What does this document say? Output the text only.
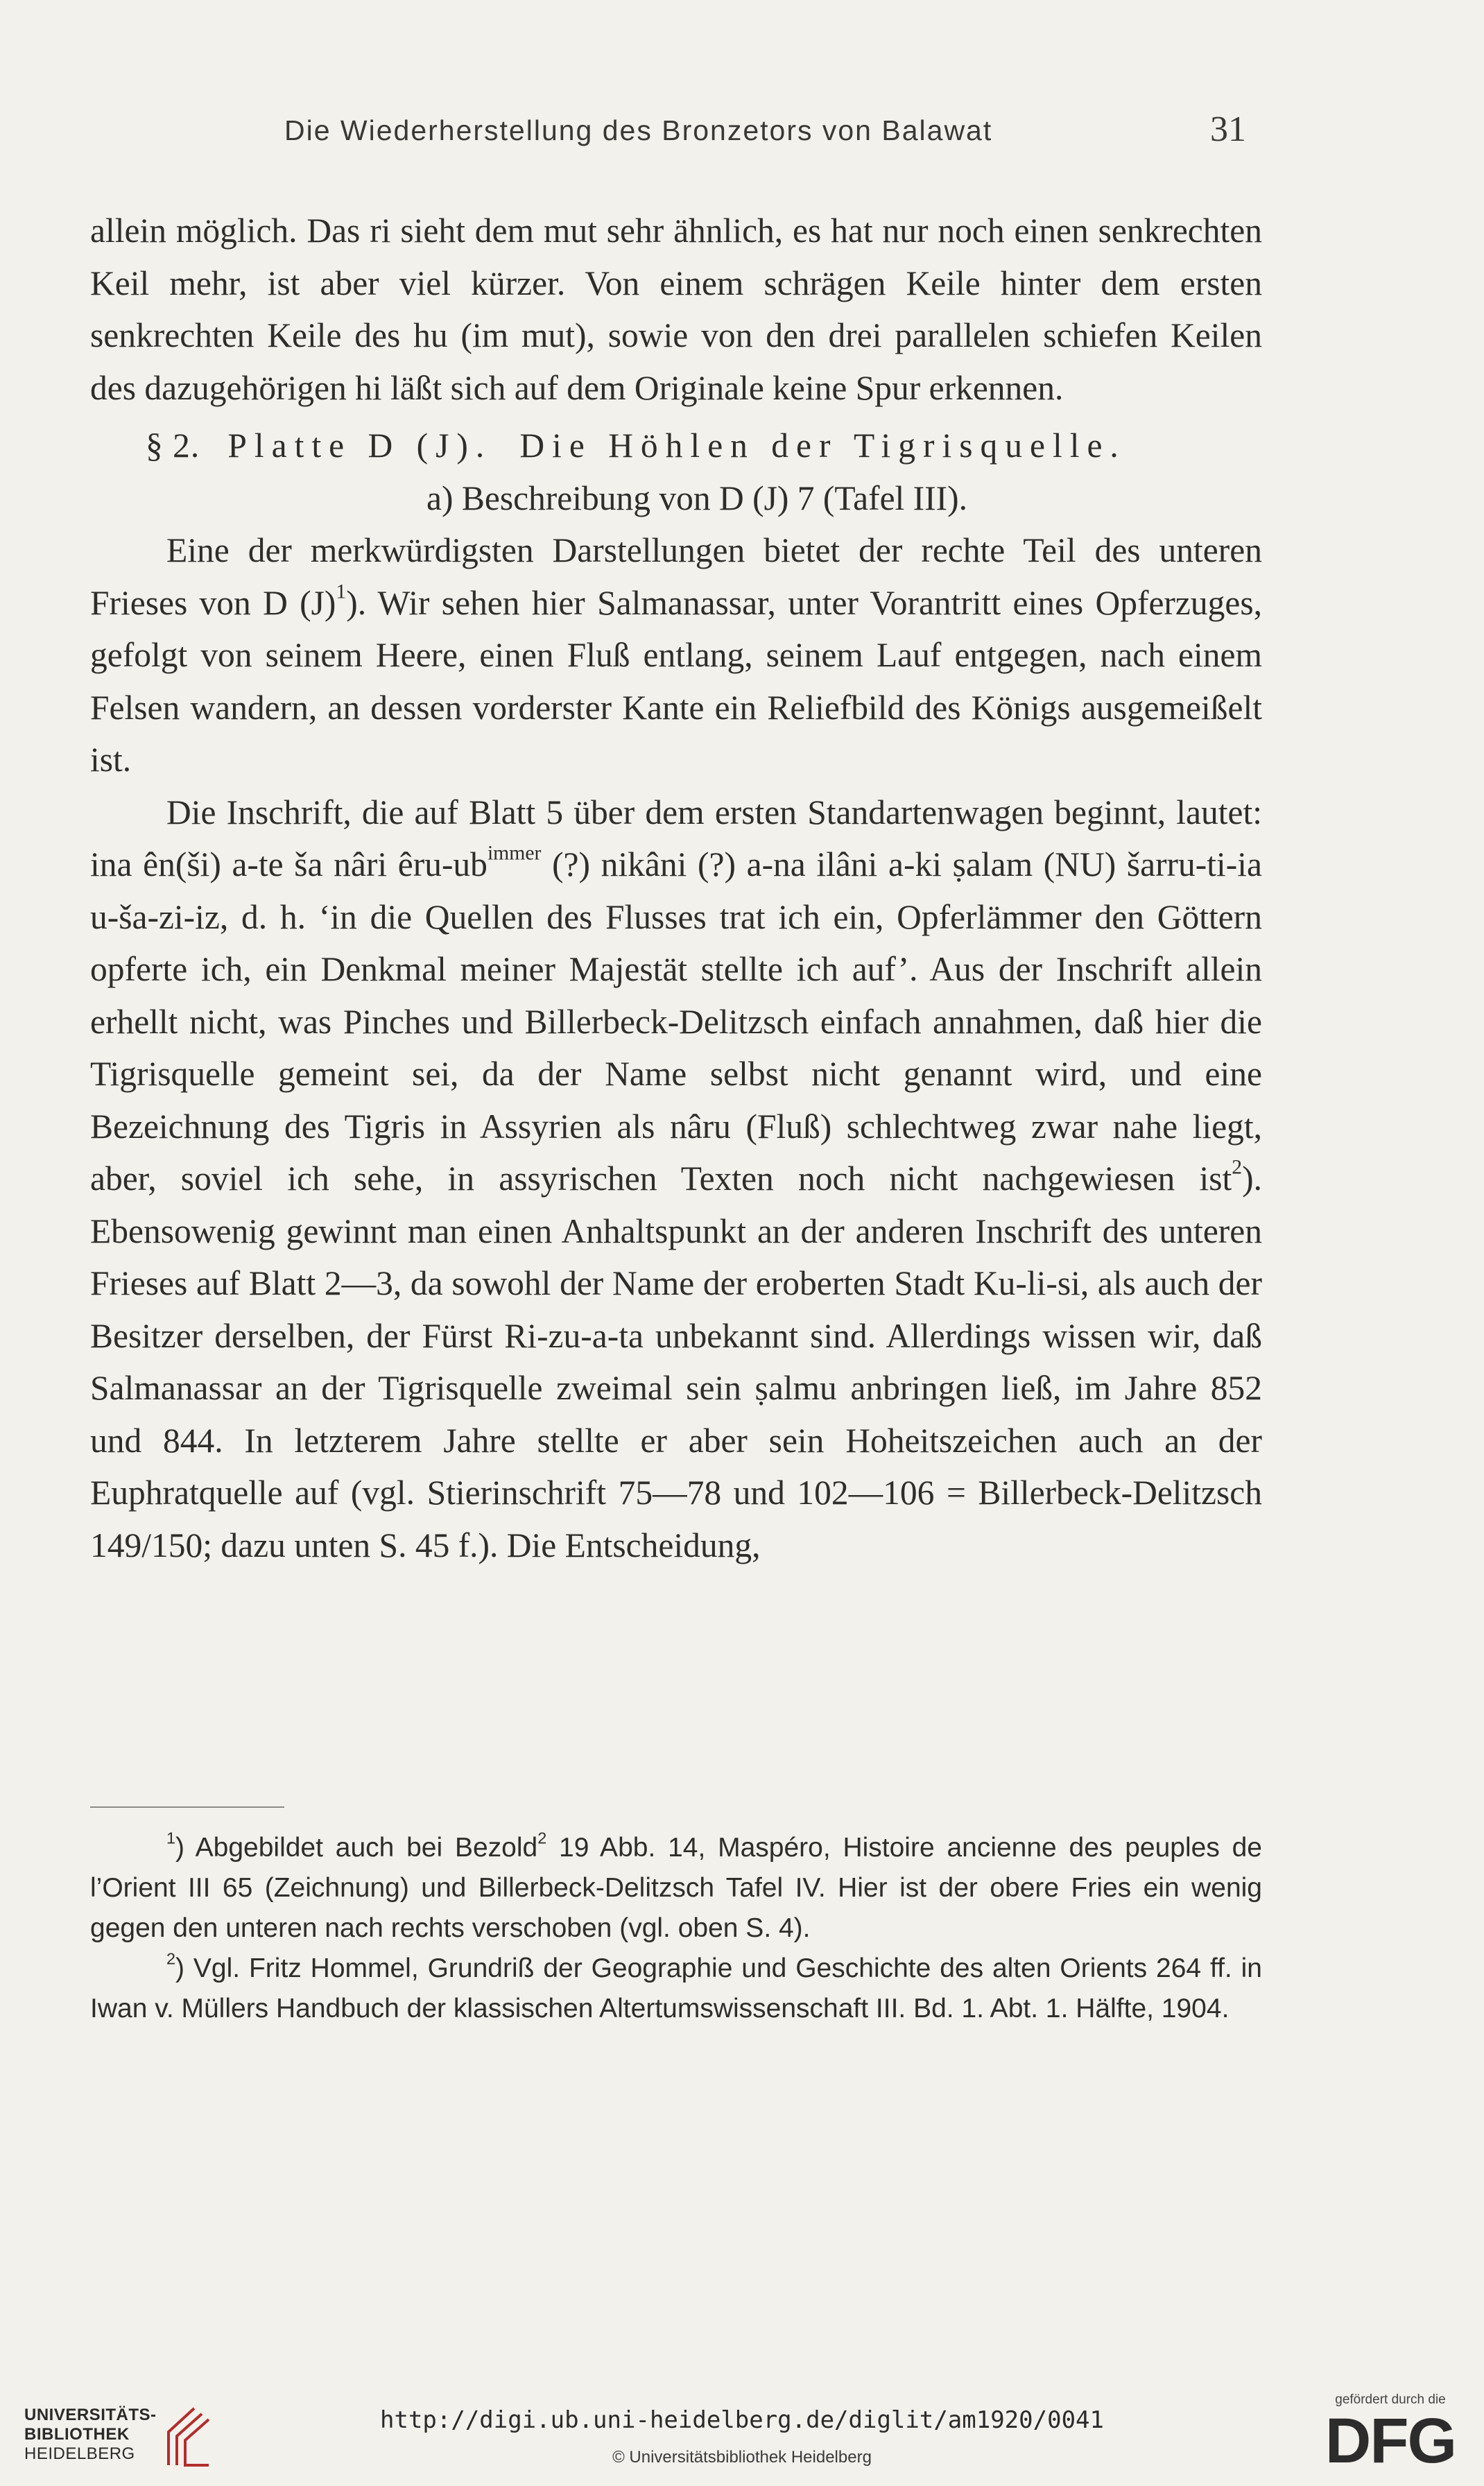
Die Wiederherstellung des Bronzetors von Balawat	31

allein möglich. Das ri sieht dem mut sehr ähnlich, es hat nur noch einen senkrechten Keil mehr, ist aber viel kürzer. Von einem schrägen Keile hinter dem ersten senkrechten Keile des hu (im mut), sowie von den drei parallelen schiefen Keilen des dazugehörigen hi läßt sich auf dem Originale keine Spur erkennen.

§ 2. Platte D (J). Die Höhlen der Tigrisquelle.

a) Beschreibung von D (J) 7 (Tafel III).

Eine der merkwürdigsten Darstellungen bietet der rechte Teil des unteren Frieses von D $(J)^1$). Wir sehen hier Salmanassar, unter Vorantritt eines Opferzuges, gefolgt von seinem Heere, einen Fluß entlang, seinem Lauf entgegen, nach einem Felsen wandern, an dessen vorderster Kante ein Reliefbild des Königs ausgemeißelt ist.

Die Inschrift, die auf Blatt 5 über dem ersten Standartenwagen beginnt, lautet: ina ên(ši) a-te ša nâri êru-$ub^{immer}$ (?) nikâni (?) a-na ilâni a-ki ṣalam (NU) šarru-ti-ia u-ša-zi-iz, d. h. ‘in die Quellen des Flusses trat ich ein, Opferlämmer den Göttern opferte ich, ein Denkmal meiner Majestät stellte ich auf’. Aus der Inschrift allein erhellt nicht, was Pinches und Billerbeck-Delitzsch einfach annahmen, daß hier die Tigrisquelle gemeint sei, da der Name selbst nicht genannt wird, und eine Bezeichnung des Tigris in Assyrien als nâru (Fluß) schlechtweg zwar nahe liegt, aber, soviel ich sehe, in assyrischen Texten noch nicht nachgewiesen ist$^2$). Ebensowenig gewinnt man einen Anhaltspunkt an der anderen Inschrift des unteren Frieses auf Blatt 2—3, da sowohl der Name der eroberten Stadt Ku-li-si, als auch der Besitzer derselben, der Fürst Ri-zu-a-ta unbekannt sind. Allerdings wissen wir, daß Salmanassar an der Tigrisquelle zweimal sein ṣalmu anbringen ließ, im Jahre 852 und 844. In letzterem Jahre stellte er aber sein Hoheitszeichen auch an der Euphratquelle auf (vgl. Stierinschrift 75—78 und 102—106 = Billerbeck-Delitzsch 149/150; dazu unten S. 45 f.). Die Entscheidung,

$^1$) Abgebildet auch bei Bezold$^2$ 19 Abb. 14, Maspéro, Histoire ancienne des peuples de l’Orient III 65 (Zeichnung) und Billerbeck-Delitzsch Tafel IV. Hier ist der obere Fries ein wenig gegen den unteren nach rechts verschoben (vgl. oben S. 4).

$^2$) Vgl. Fritz Hommel, Grundriß der Geographie und Geschichte des alten Orients 264 ff. in Iwan v. Müllers Handbuch der klassischen Altertumswissenschaft III. Bd. 1. Abt. 1. Hälfte, 1904.

UNIVERSITÄTS-
BIBLIOTHEK
HEIDELBERG
http://digi.ub.uni-heidelberg.de/diglit/am1920/0041
© Universitätsbibliothek Heidelberg
gefördert durch die
DFG
